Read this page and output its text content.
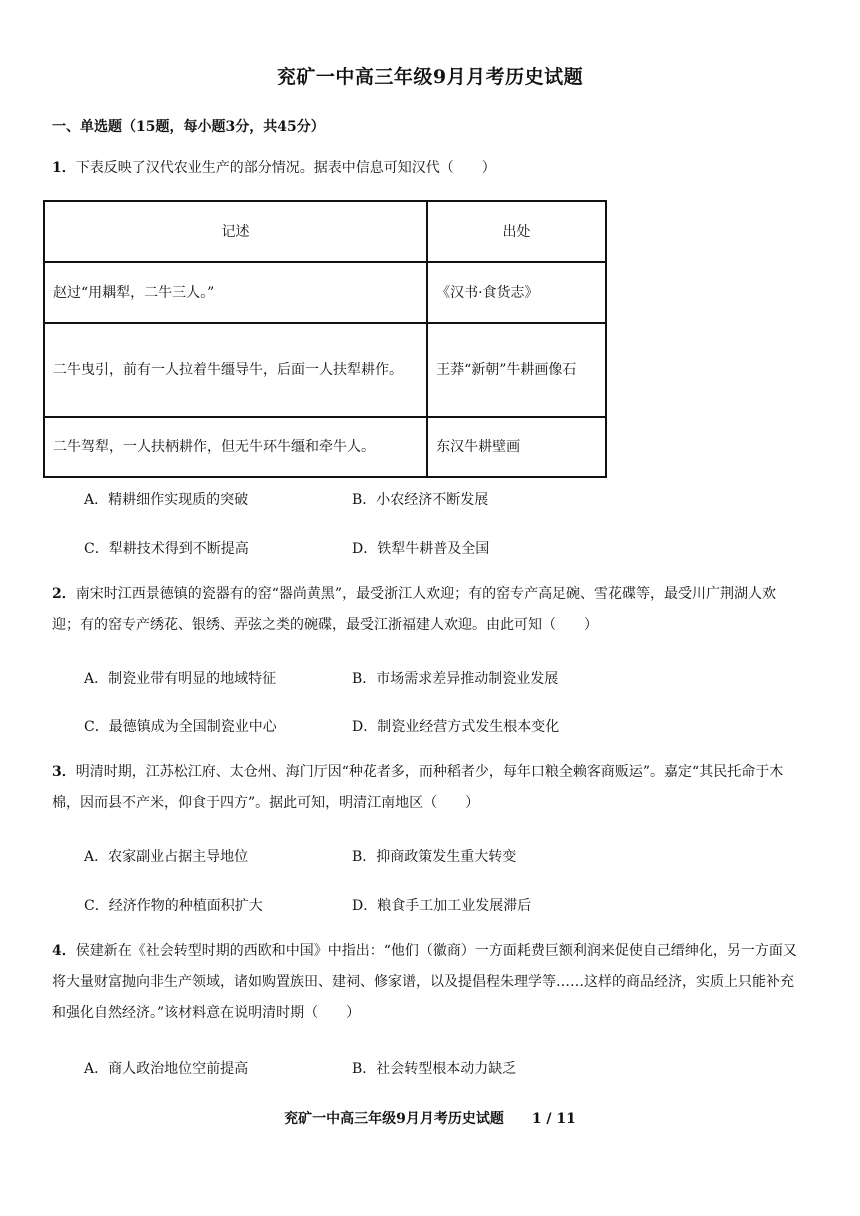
兖矿一中高三年级9月月考历史试题
一、单选题（15题，每小题3分，共45分）
1．下表反映了汉代农业生产的部分情况。据表中信息可知汉代（　　）
记述	出处
赵过“用耦犁，二牛三人。”	《汉书·食货志》
二牛曳引，前有一人拉着牛缰导牛，后面一人扶犁耕作。	王莽“新朝”牛耕画像石
二牛驾犁，一人扶柄耕作，但无牛环牛缰和牵牛人。	东汉牛耕壁画
A．精耕细作实现质的突破	B．小农经济不断发展
C．犁耕技术得到不断提高	D．铁犁牛耕普及全国
2．南宋时江西景德镇的瓷器有的窑“器尚黄黑”，最受浙江人欢迎；有的窑专产高足碗、雪花碟等，最受川广荆湖人欢迎；有的窑专产绣花、银绣、弄弦之类的碗碟，最受江浙福建人欢迎。由此可知（　　）
A．制瓷业带有明显的地域特征	B．市场需求差异推动制瓷业发展
C．最德镇成为全国制瓷业中心	D．制瓷业经营方式发生根本变化
3．明清时期，江苏松江府、太仓州、海门厅因“种花者多，而种稻者少，每年口粮全赖客商贩运”。嘉定“其民托命于木棉，因而县不产米，仰食于四方”。据此可知，明清江南地区（　　）
A．农家副业占据主导地位	B．抑商政策发生重大转变
C．经济作物的种植面积扩大	D．粮食手工加工业发展滞后
4．侯建新在《社会转型时期的西欧和中国》中指出：“他们（徽商）一方面耗费巨额利润来促使自己缙绅化，另一方面又将大量财富抛向非生产领域，诸如购置族田、建祠、修家谱，以及提倡程朱理学等……这样的商品经济，实质上只能补充和强化自然经济。”该材料意在说明清时期（　　）
A．商人政治地位空前提高	B．社会转型根本动力缺乏
兖矿一中高三年级9月月考历史试题　　1 / 11
